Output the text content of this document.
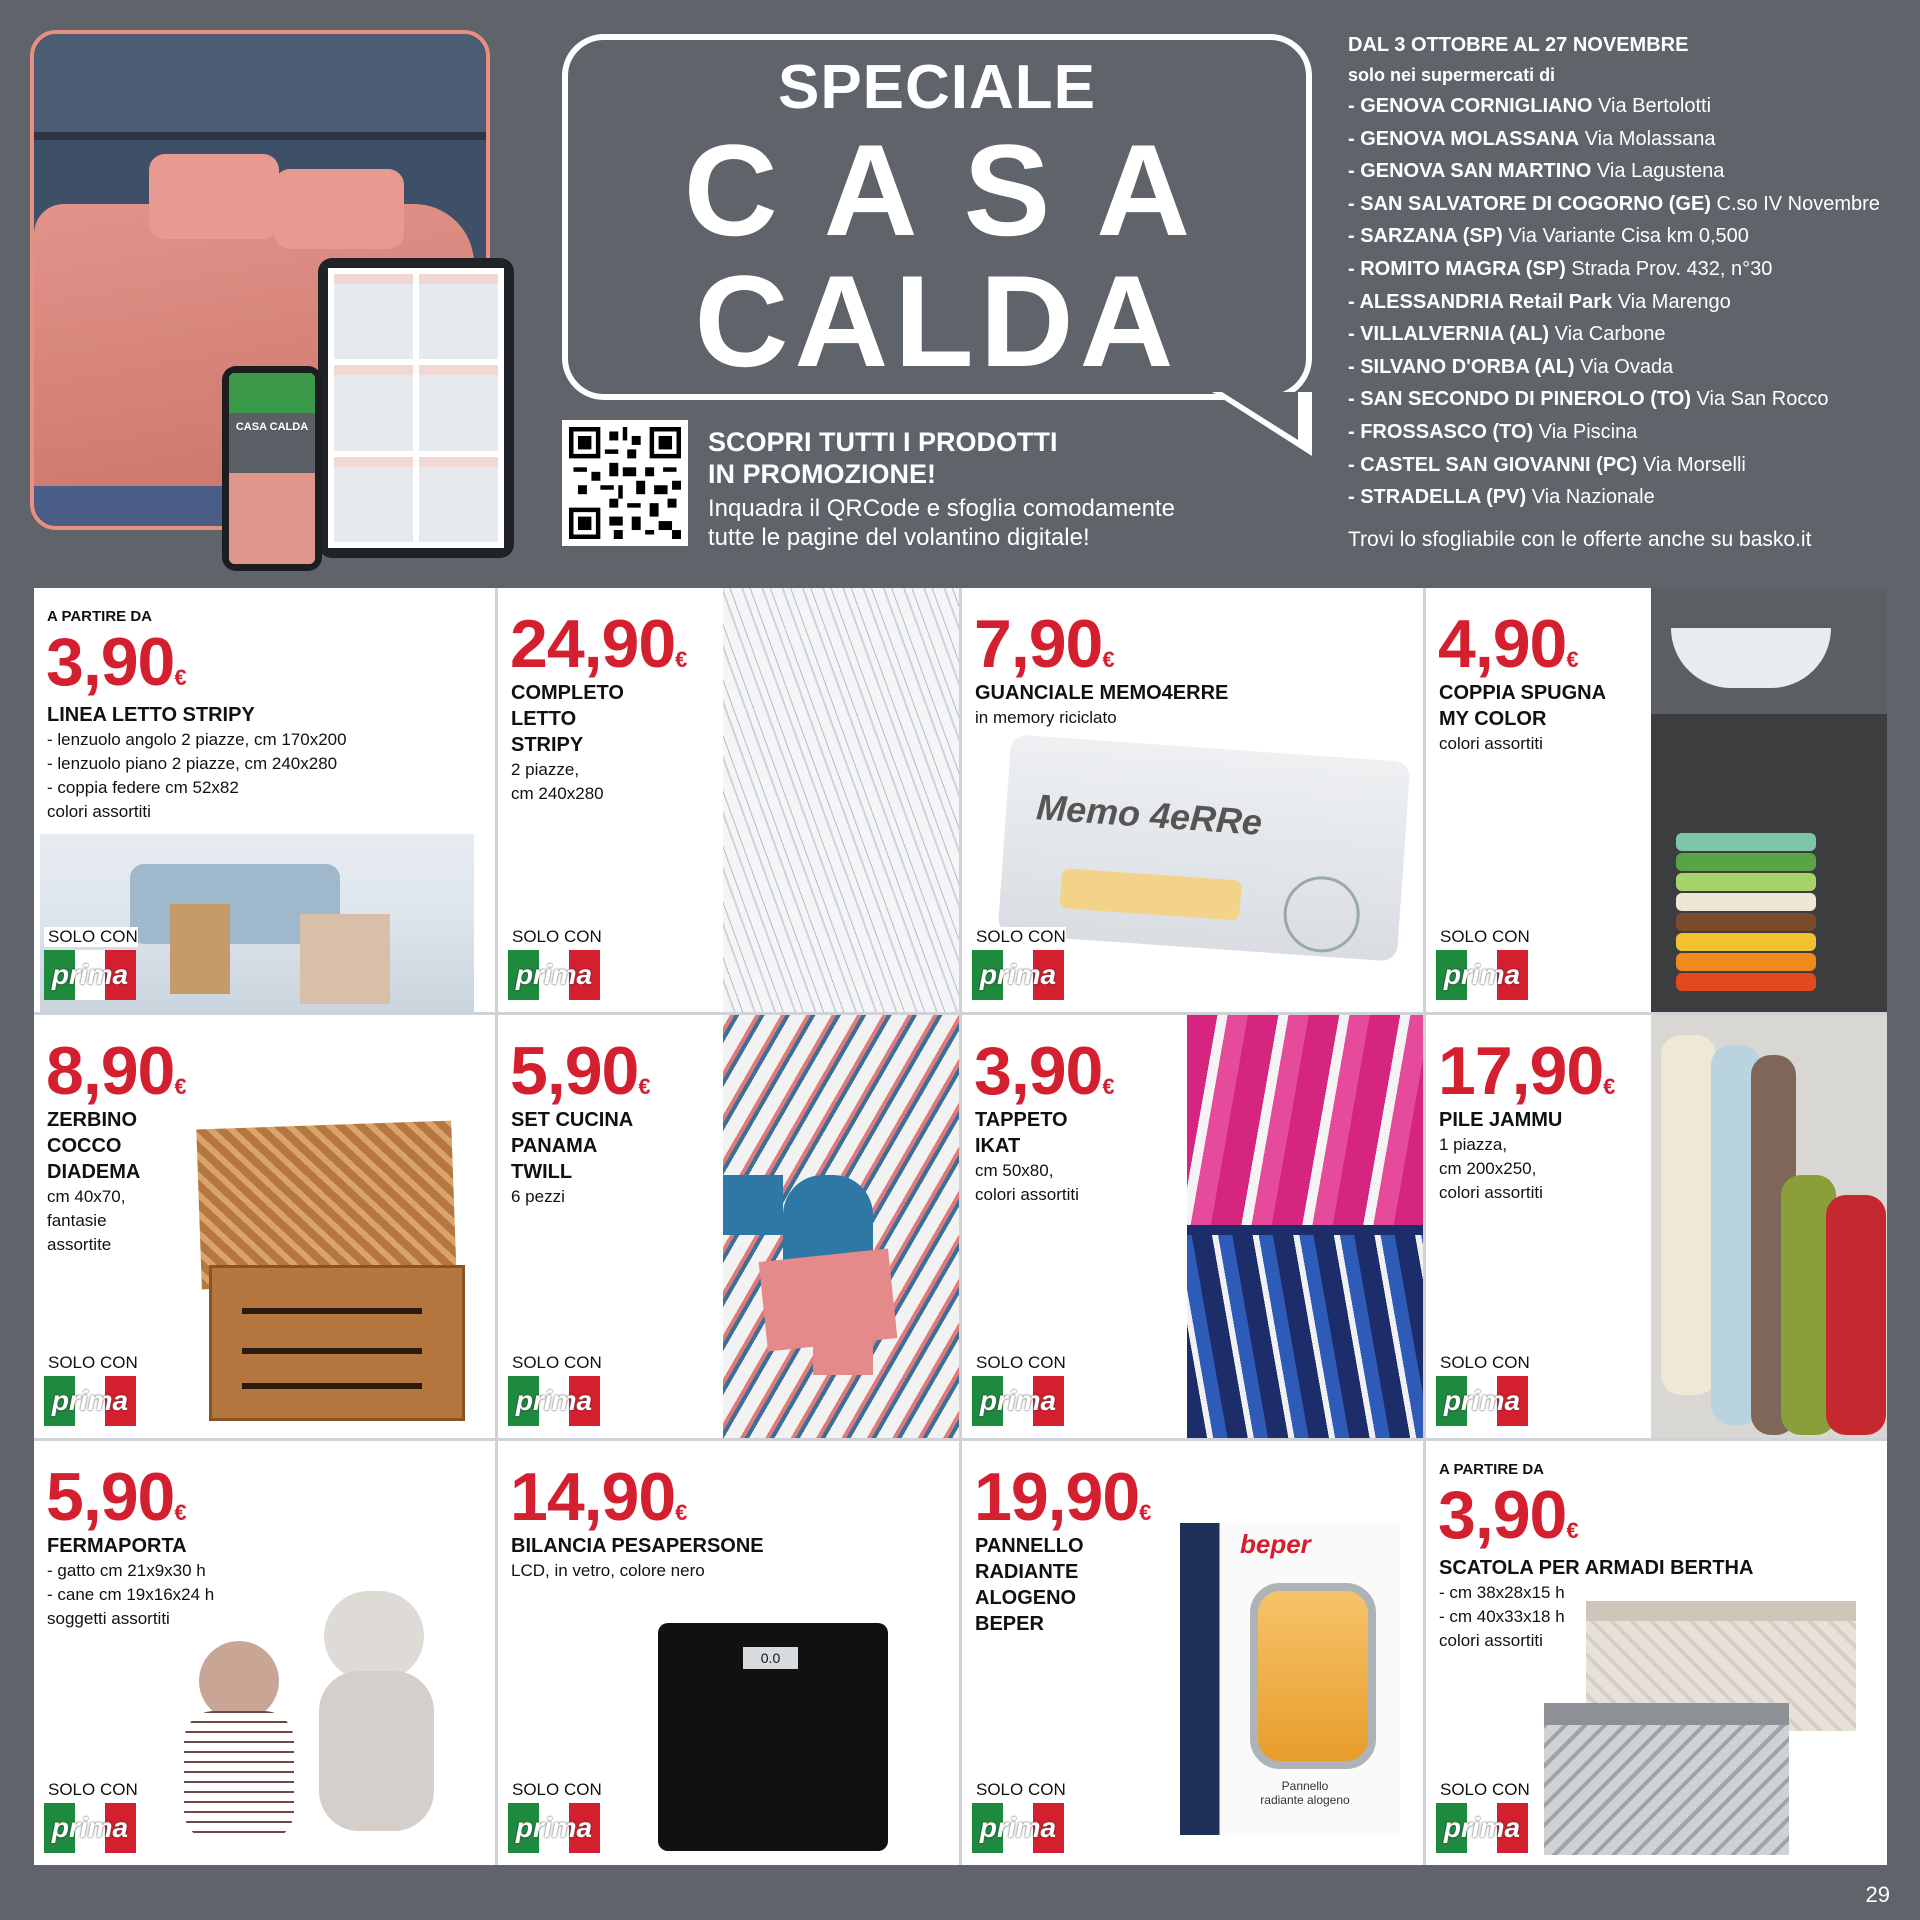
CASA CALDA
SPECIALE
CASA
CALDA
SCOPRI TUTTI I PRODOTTI
IN PROMOZIONE!
Inquadra il QRCode e sfoglia comodamente tutte le pagine del volantino digitale!
DAL 3 OTTOBRE AL 27 NOVEMBRE
solo nei supermercati di
- GENOVA CORNIGLIANO Via Bertolotti
- GENOVA MOLASSANA Via Molassana
- GENOVA SAN MARTINO Via Lagustena
- SAN SALVATORE DI COGORNO (GE) C.so IV Novembre
- SARZANA (SP) Via Variante Cisa km 0,500
- ROMITO MAGRA (SP) Strada Prov. 432, n°30
- ALESSANDRIA Retail Park Via Marengo
- VILLALVERNIA (AL) Via Carbone
- SILVANO D'ORBA (AL) Via Ovada
- SAN SECONDO DI PINEROLO (TO) Via San Rocco
- FROSSASCO (TO) Via Piscina
- CASTEL SAN GIOVANNI (PC) Via Morselli
- STRADELLA (PV) Via Nazionale
Trovi lo sfogliabile con le offerte anche su basko.it
A PARTIRE DA
3,90€
LINEA LETTO STRIPY
- lenzuolo angolo 2 piazze, cm 170x200
- lenzuolo piano 2 piazze, cm 240x280
- coppia federe cm 52x82
colori assortiti
SOLO CON
prima
24,90€
COMPLETO
LETTO
STRIPY
2 piazze,
cm 240x280
SOLO CON
prima
7,90€
GUANCIALE MEMO4ERRE
in memory riciclato
Memo 4eRRe
SOLO CON
prima
4,90€
COPPIA SPUGNA
MY COLOR
colori assortiti
SOLO CON
prima
8,90€
ZERBINO
COCCO
DIADEMA
cm 40x70,
fantasie
assortite
SOLO CON
prima
5,90€
SET CUCINA
PANAMA
TWILL
6 pezzi
SOLO CON
prima
3,90€
TAPPETO
IKAT
cm 50x80,
colori assortiti
SOLO CON
prima
17,90€
PILE JAMMU
1 piazza,
cm 200x250,
colori assortiti
SOLO CON
prima
5,90€
FERMAPORTA
- gatto cm 21x9x30 h
- cane cm 19x16x24 h
soggetti assortiti
SOLO CON
prima
14,90€
BILANCIA PESAPERSONE
LCD, in vetro, colore nero
0.0
SOLO CON
prima
19,90€
PANNELLO
RADIANTE
ALOGENO
BEPER
beper
Pannello
radiante alogeno
SOLO CON
prima
A PARTIRE DA
3,90€
SCATOLA PER ARMADI BERTHA
- cm 38x28x15 h
- cm 40x33x18 h
colori assortiti
SOLO CON
prima
29
